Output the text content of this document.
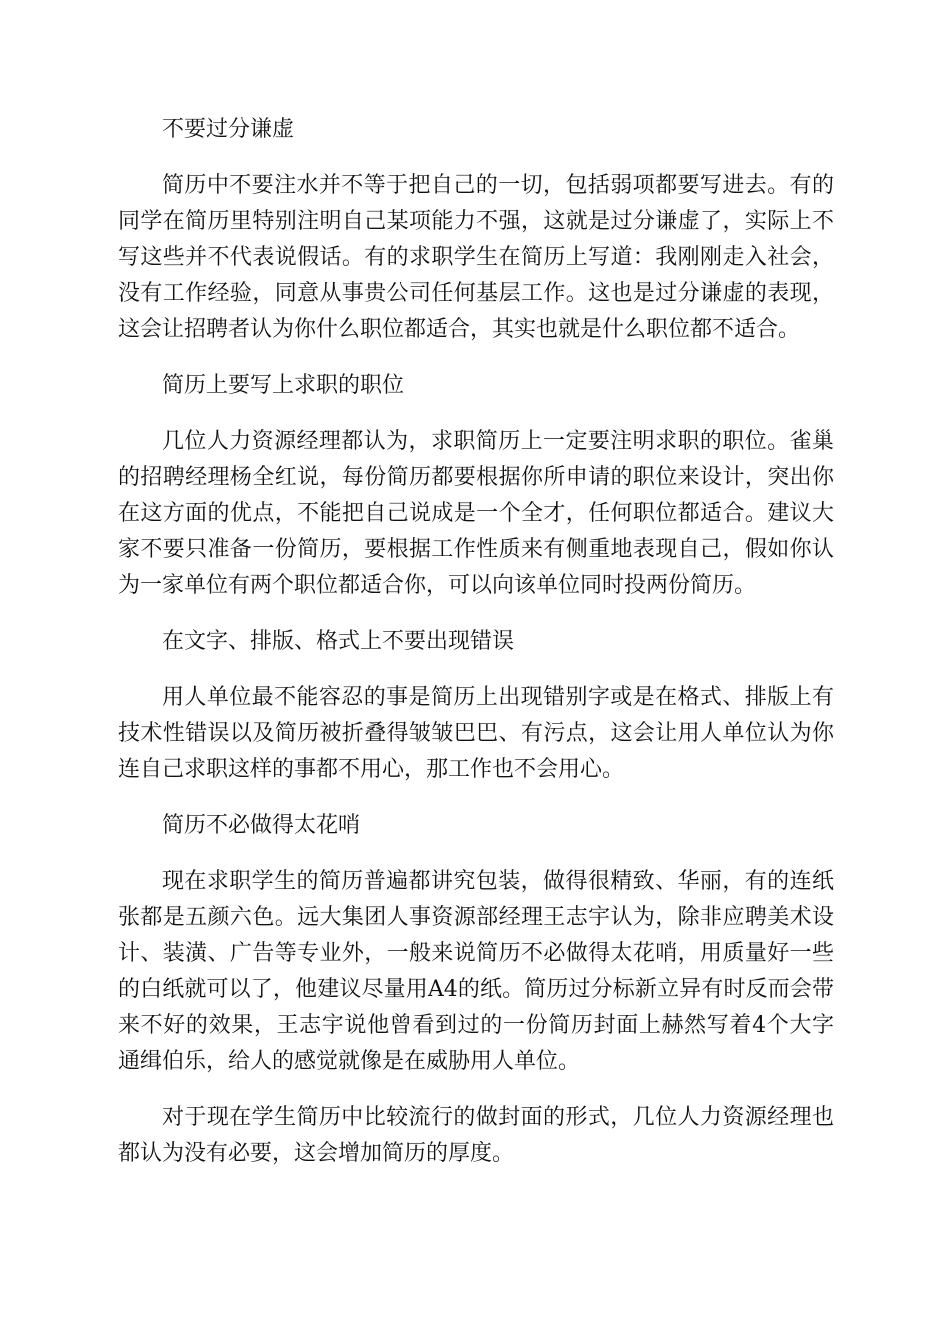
不要过分谦虚

简历中不要注水并不等于把自己的一切，包括弱项都要写进去。有的同学在简历里特别注明自己某项能力不强，这就是过分谦虚了，实际上不写这些并不代表说假话。有的求职学生在简历上写道：我刚刚走入社会，没有工作经验，同意从事贵公司任何基层工作。这也是过分谦虚的表现，这会让招聘者认为你什么职位都适合，其实也就是什么职位都不适合。

简历上要写上求职的职位

几位人力资源经理都认为，求职简历上一定要注明求职的职位。雀巢的招聘经理杨全红说，每份简历都要根据你所申请的职位来设计，突出你在这方面的优点，不能把自己说成是一个全才，任何职位都适合。建议大家不要只准备一份简历，要根据工作性质来有侧重地表现自己，假如你认为一家单位有两个职位都适合你，可以向该单位同时投两份简历。

在文字、排版、格式上不要出现错误

用人单位最不能容忍的事是简历上出现错别字或是在格式、排版上有技术性错误以及简历被折叠得皱皱巴巴、有污点，这会让用人单位认为你连自己求职这样的事都不用心，那工作也不会用心。

简历不必做得太花哨

现在求职学生的简历普遍都讲究包装，做得很精致、华丽，有的连纸张都是五颜六色。远大集团人事资源部经理王志宇认为，除非应聘美术设计、装潢、广告等专业外，一般来说简历不必做得太花哨，用质量好一些的白纸就可以了，他建议尽量用A4的纸。简历过分标新立异有时反而会带来不好的效果，王志宇说他曾看到过的一份简历封面上赫然写着4个大字通缉伯乐，给人的感觉就像是在威胁用人单位。

对于现在学生简历中比较流行的做封面的形式，几位人力资源经理也都认为没有必要，这会增加简历的厚度。
